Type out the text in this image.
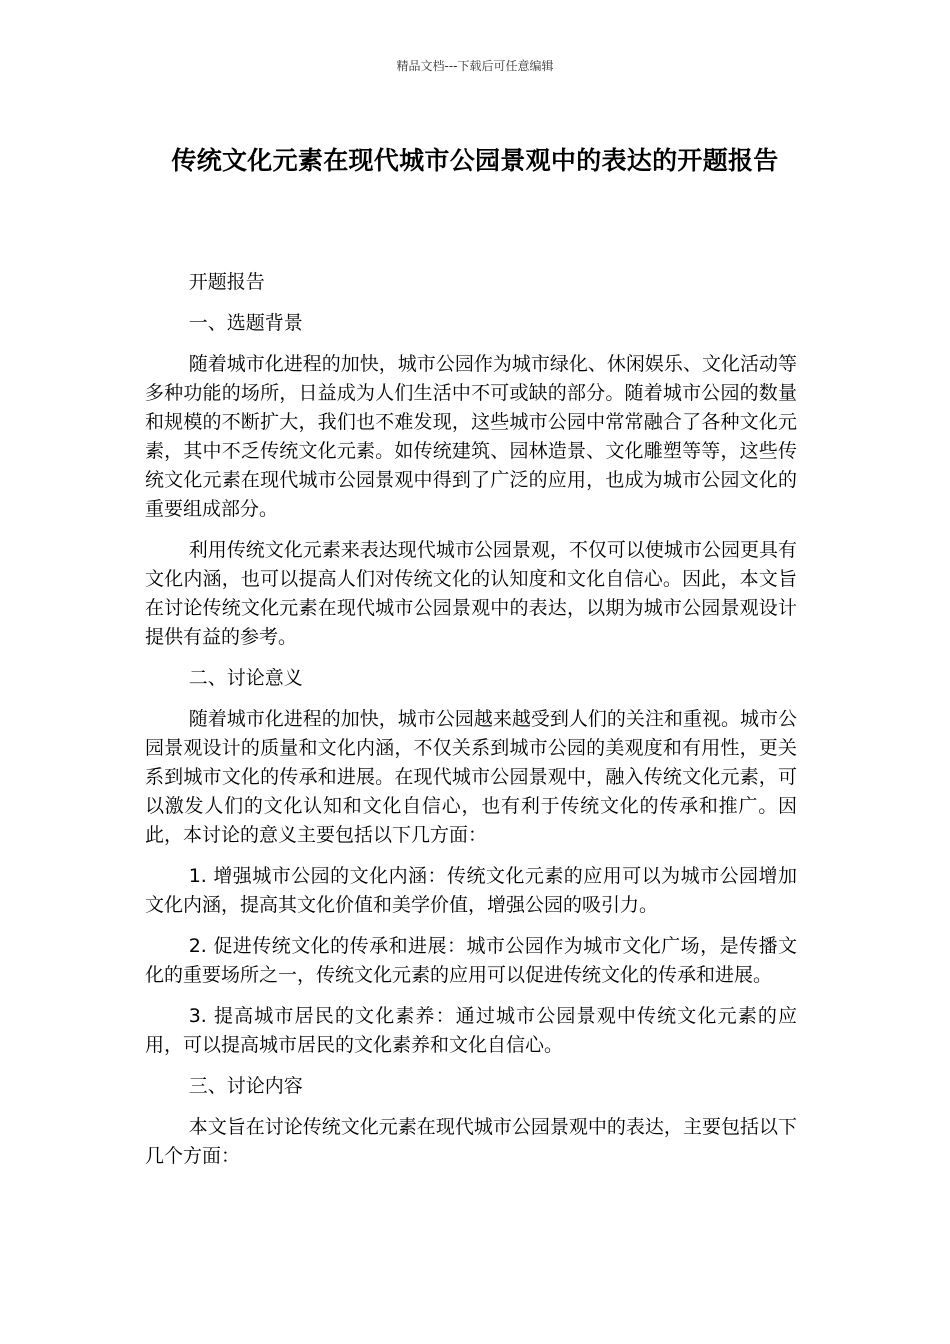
精品文档---下载后可任意编辑
传统文化元素在现代城市公园景观中的表达的开题报告

开题报告

一、选题背景

随着城市化进程的加快，城市公园作为城市绿化、休闲娱乐、文化活动等多种功能的场所，日益成为人们生活中不可或缺的部分。随着城市公园的数量和规模的不断扩大，我们也不难发现，这些城市公园中常常融合了各种文化元素，其中不乏传统文化元素。如传统建筑、园林造景、文化雕塑等等，这些传统文化元素在现代城市公园景观中得到了广泛的应用，也成为城市公园文化的重要组成部分。

利用传统文化元素来表达现代城市公园景观，不仅可以使城市公园更具有文化内涵，也可以提高人们对传统文化的认知度和文化自信心。因此，本文旨在讨论传统文化元素在现代城市公园景观中的表达，以期为城市公园景观设计提供有益的参考。

二、讨论意义

随着城市化进程的加快，城市公园越来越受到人们的关注和重视。城市公园景观设计的质量和文化内涵，不仅关系到城市公园的美观度和有用性，更关系到城市文化的传承和进展。在现代城市公园景观中，融入传统文化元素，可以激发人们的文化认知和文化自信心，也有利于传统文化的传承和推广。因此，本讨论的意义主要包括以下几方面：

1. 增强城市公园的文化内涵：传统文化元素的应用可以为城市公园增加文化内涵，提高其文化价值和美学价值，增强公园的吸引力。

2. 促进传统文化的传承和进展：城市公园作为城市文化广场，是传播文化的重要场所之一，传统文化元素的应用可以促进传统文化的传承和进展。

3. 提高城市居民的文化素养：通过城市公园景观中传统文化元素的应用，可以提高城市居民的文化素养和文化自信心。

三、讨论内容

本文旨在讨论传统文化元素在现代城市公园景观中的表达，主要包括以下几个方面：
